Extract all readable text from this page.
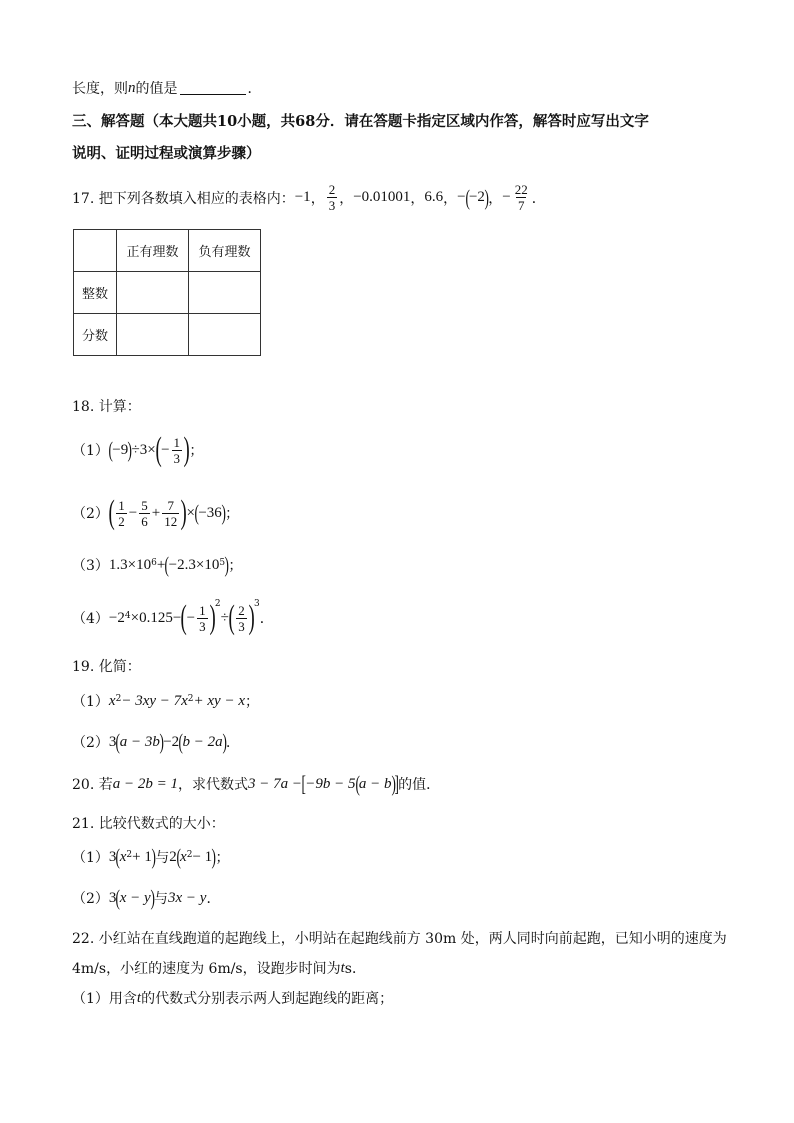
长度，则 n 的值是	．
三、解答题（本大题共10小题，共68分．请在答题卡指定区域内作答，解答时应写出文字
说明、证明过程或演算步骤）
17. 把下列各数填入相应的表格内： −1 ， $\frac{2}{3}$ ， −0.01001 ， 6.6 ， − ( −2 ) ， − $\frac{22}{7}$ ．
	正有理数	负有理数
整数		
分数		
18. 计算：
（1） ( −9 ) ÷ 3 × ( − $\frac{1}{3}$ ) ；
（2） ( $\frac{1}{2} - \frac{5}{6} + \frac{7}{12}$ ) × ( −36 ) ；
（3） $1.3\times 10^6$ + ( $-2.3\times 10^5$ ) ；
$(4) -2^4 \times 0.125-$ ( − $\frac{1}{3} )^2$
÷ ( $\frac{2}{3} )^3$
．
19. 化简：
（1） $x^2 - 3xy - 7x^2$ + xy − x ；
（2） 3 ( a − 3b ) −2 ( b − 2a ) ．
20. 若 a − 2b = 1 ，求代数式 3 − 7a − [ −9b − 5 ( a − b )
] 的值．
21. 比较代数式的大小：
（1） 3 ( $x^2 + 1$ ) 与 2 ( $x^2 - 1$ ) ；
（2） 3 ( x − y ) 与 3x − y ．
22. 小红站在直线跑道的起跑线上，小明站在起跑线前方 30m 处，两人同时向前起跑，已知小明的速度为
4m/s，小红的速度为 6m/s，设跑步时间为 t s．
（1）用含 t 的代数式分别表示两人到起跑线的距离；
